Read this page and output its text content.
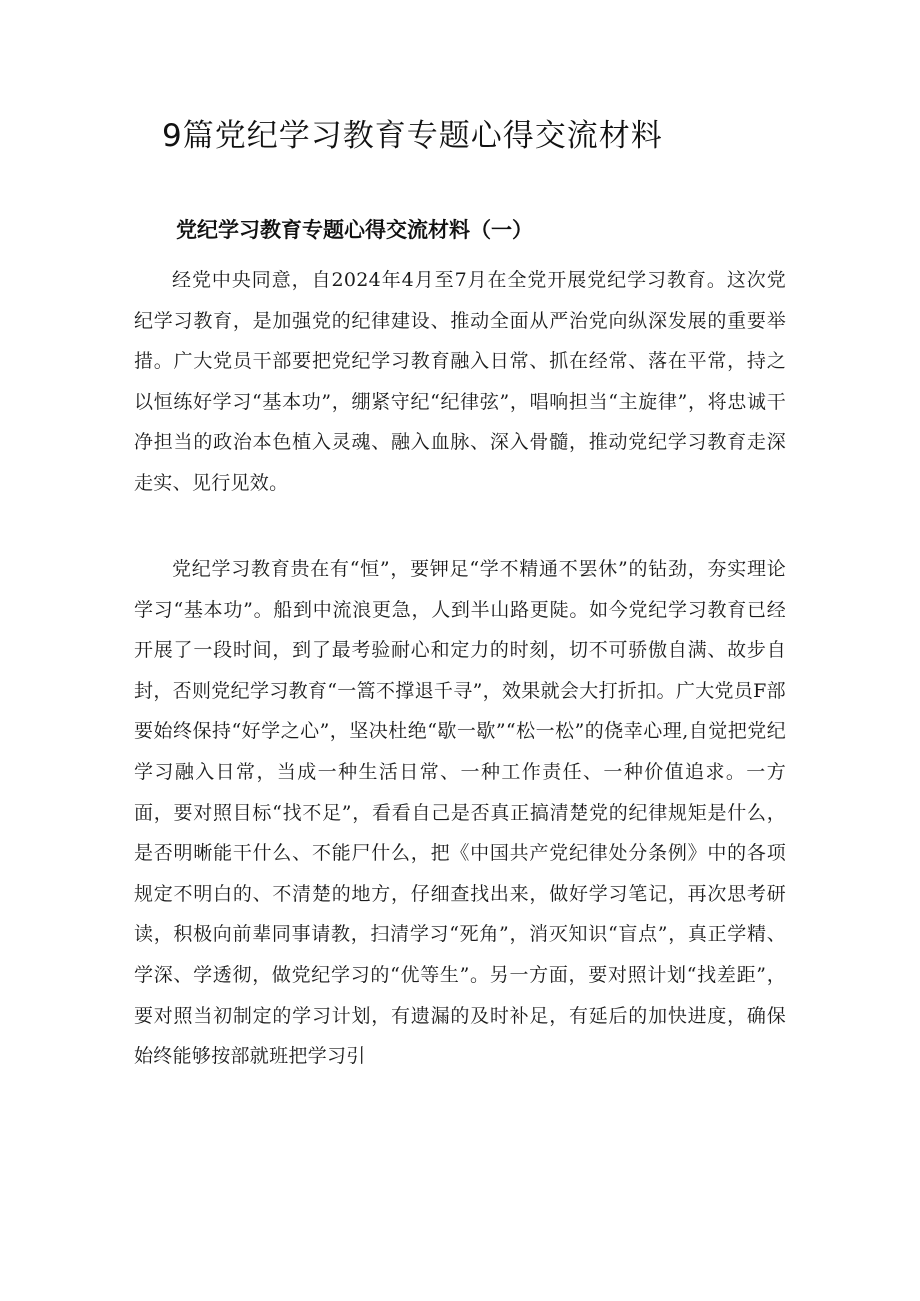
9篇党纪学习教育专题心得交流材料
党纪学习教育专题心得交流材料（一）

经党中央同意，自2024年4月至7月在全党开展党纪学习教育。这次党纪学习教育，是加强党的纪律建设、推动全面从严治党向纵深发展的重要举措。广大党员干部要把党纪学习教育融入日常、抓在经常、落在平常，持之以恒练好学习“基本功”，绷紧守纪“纪律弦”，唱响担当“主旋律”，将忠诚干净担当的政治本色植入灵魂、融入血脉、深入骨髓，推动党纪学习教育走深走实、见行见效。

党纪学习教育贵在有“恒”，要钾足“学不精通不罢休”的钻劲，夯实理论学习“基本功”。船到中流浪更急，人到半山路更陡。如今党纪学习教育已经开展了一段时间，到了最考验耐心和定力的时刻，切不可骄傲自满、故步自封，否则党纪学习教育“一篙不撑退千寻”，效果就会大打折扣。广大党员F部要始终保持“好学之心”，坚决杜绝“歇一歇”“松一松”的侥幸心理,自觉把党纪学习融入日常，当成一种生活日常、一种工作责任、一种价值追求。一方面，要对照目标“找不足”，看看自己是否真正搞清楚党的纪律规矩是什么，是否明晰能干什么、不能尸什么，把《中国共产党纪律处分条例》中的各项规定不明白的、不清楚的地方，仔细查找出来，做好学习笔记，再次思考研读，积极向前辈同事请教，扫清学习“死角”，消灭知识“盲点”，真正学精、学深、学透彻，做党纪学习的“优等生”。另一方面，要对照计划“找差距”，要对照当初制定的学习计划，有遗漏的及时补足，有延后的加快进度，确保始终能够按部就班把学习引
